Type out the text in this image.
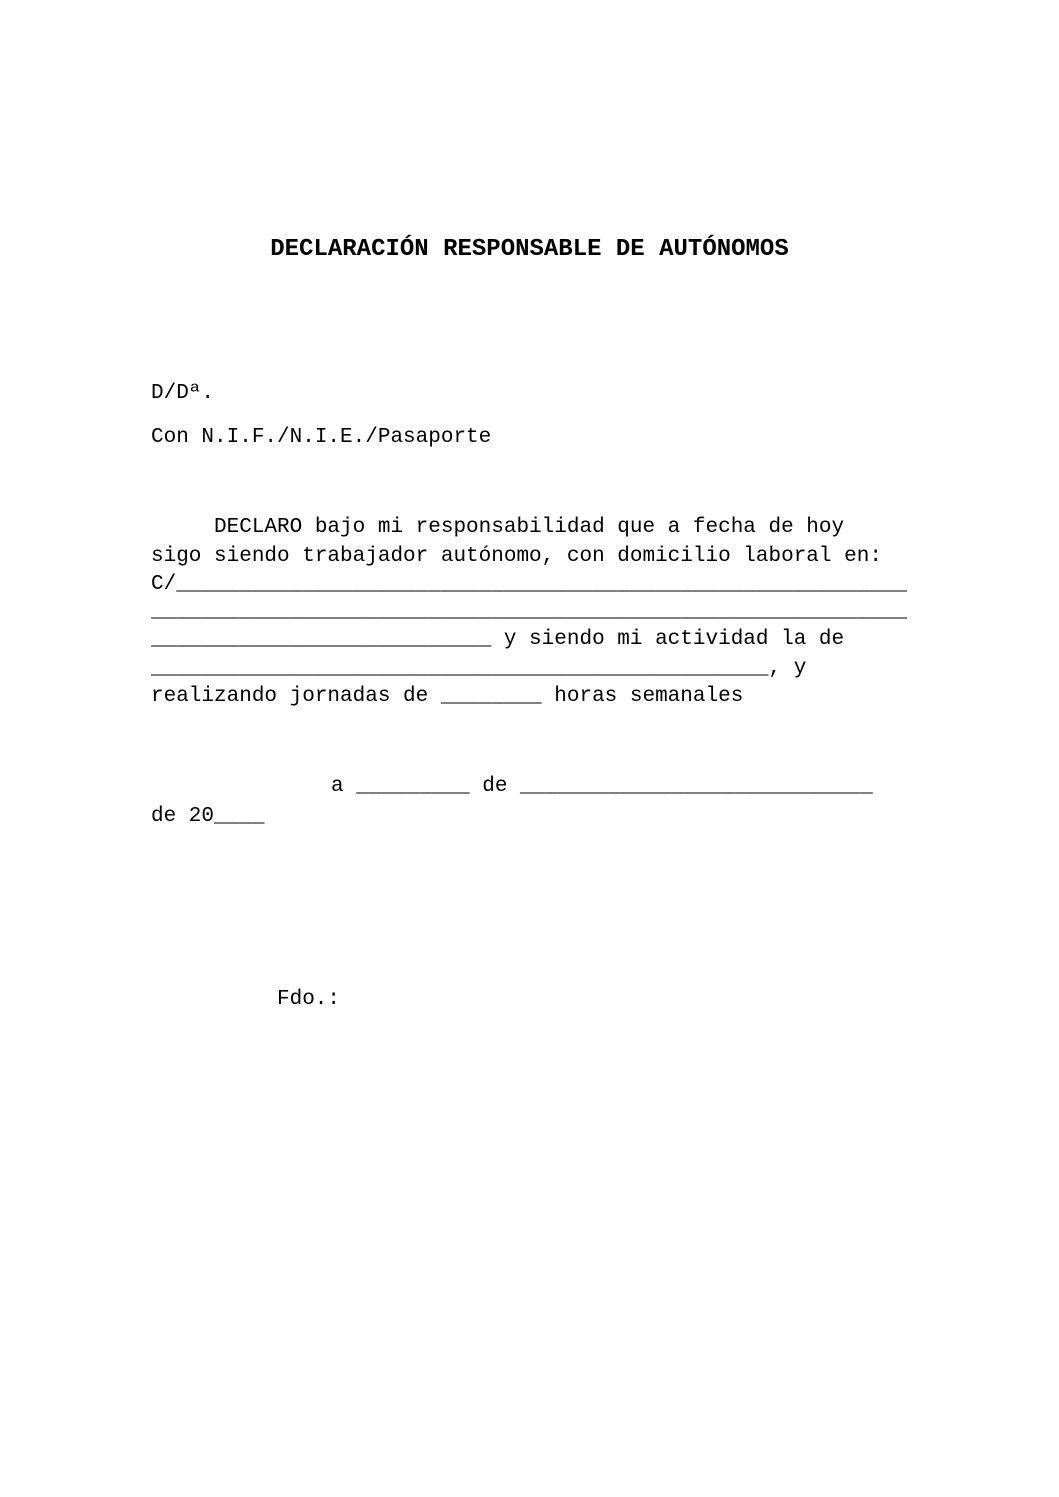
DECLARACIÓN RESPONSABLE DE AUTÓNOMOS
D/Dª.
Con N.I.F./N.I.E./Pasaporte
DECLARO bajo mi responsabilidad que a fecha de hoy
sigo siendo trabajador autónomo, con domicilio laboral en:
C/__________________________________________________________
____________________________________________________________
___________________________ y siendo mi actividad la de
_________________________________________________, y
realizando jornadas de ________ horas semanales
a _________ de ____________________________
de 20____
Fdo.:
